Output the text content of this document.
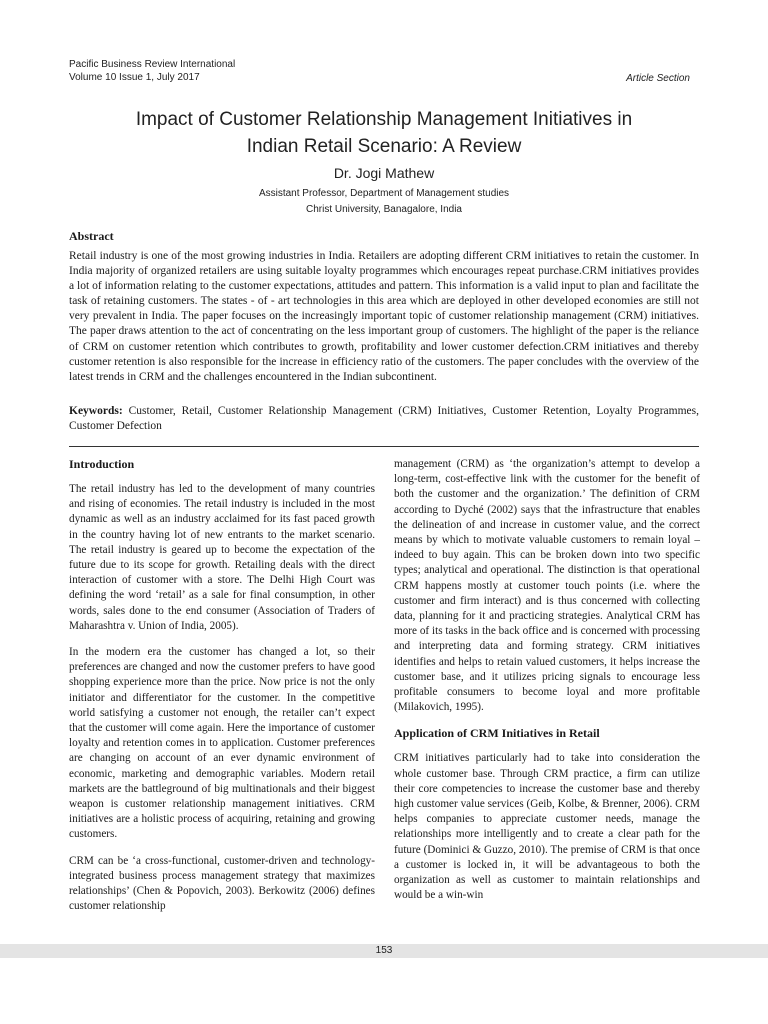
Pacific Business Review International
Volume 10 Issue 1, July 2017	Article Section
Impact of Customer Relationship Management Initiatives in
Indian Retail Scenario: A Review
Dr. Jogi Mathew
Assistant Professor, Department of Management studies
Christ University, Banagalore, India
Abstract

Retail industry is one of the most growing industries in India. Retailers are adopting different CRM initiatives to retain the customer. In India majority of organized retailers are using suitable loyalty programmes which encourages repeat purchase.CRM initiatives provides a lot of information relating to the customer expectations, attitudes and pattern. This information is a valid input to plan and facilitate the task of retaining customers. The states - of - art technologies in this area which are deployed in other developed economies are still not very prevalent in India. The paper focuses on the increasingly important topic of customer relationship management (CRM) initiatives. The paper draws attention to the act of concentrating on the less important group of customers. The highlight of the paper is the reliance of CRM on customer retention which contributes to growth, profitability and lower customer defection.CRM initiatives and thereby customer retention is also responsible for the increase in efficiency ratio of the customers. The paper concludes with the overview of the latest trends in CRM and the challenges encountered in the Indian subcontinent.

Keywords: Customer, Retail, Customer Relationship Management (CRM) Initiatives, Customer Retention, Loyalty Programmes, Customer Defection

Introduction

The retail industry has led to the development of many countries and rising of economies. The retail industry is included in the most dynamic as well as an industry acclaimed for its fast paced growth in the country having lot of new entrants to the market scenario. The retail industry is geared up to become the expectation of the future due to its scope for growth. Retailing deals with the direct interaction of customer with a store. The Delhi High Court was defining the word ‘retail’ as a sale for final consumption, in other words, sales done to the end consumer (Association of Traders of Maharashtra v. Union of India, 2005).

In the modern era the customer has changed a lot, so their preferences are changed and now the customer prefers to have good shopping experience more than the price. Now price is not the only initiator and differentiator for the customer. In the competitive world satisfying a customer not enough, the retailer can’t expect that the customer will come again. Here the importance of customer loyalty and retention comes in to application. Customer preferences are changing on account of an ever dynamic environment of economic, marketing and demographic variables. Modern retail markets are the battleground of big multinationals and their biggest weapon is customer relationship management initiatives. CRM initiatives are a holistic process of acquiring, retaining and growing customers.

CRM can be ‘a cross-functional, customer-driven and technology-integrated business process management strategy that maximizes relationships’ (Chen & Popovich, 2003). Berkowitz (2006) defines customer relationship

management (CRM) as ‘the organization’s attempt to develop a long-term, cost-effective link with the customer for the benefit of both the customer and the organization.’ The definition of CRM according to Dyché (2002) says that the infrastructure that enables the delineation of and increase in customer value, and the correct means by which to motivate valuable customers to remain loyal – indeed to buy again. This can be broken down into two specific types; analytical and operational. The distinction is that operational CRM happens mostly at customer touch points (i.e. where the customer and firm interact) and is thus concerned with collecting data, planning for it and practicing strategies. Analytical CRM has more of its tasks in the back office and is concerned with processing and interpreting data and forming strategy. CRM initiatives identifies and helps to retain valued customers, it helps increase the customer base, and it utilizes pricing signals to encourage less profitable consumers to become loyal and more profitable (Milakovich, 1995).

Application of CRM Initiatives in Retail

CRM initiatives particularly had to take into consideration the whole customer base. Through CRM practice, a firm can utilize their core competencies to increase the customer base and thereby high customer value services (Geib, Kolbe, & Brenner, 2006). CRM helps companies to appreciate customer needs, manage the relationships more intelligently and to create a clear path for the future (Dominici & Guzzo, 2010). The premise of CRM is that once a customer is locked in, it will be advantageous to both the organization as well as customer to maintain relationships and would be a win-win

153
